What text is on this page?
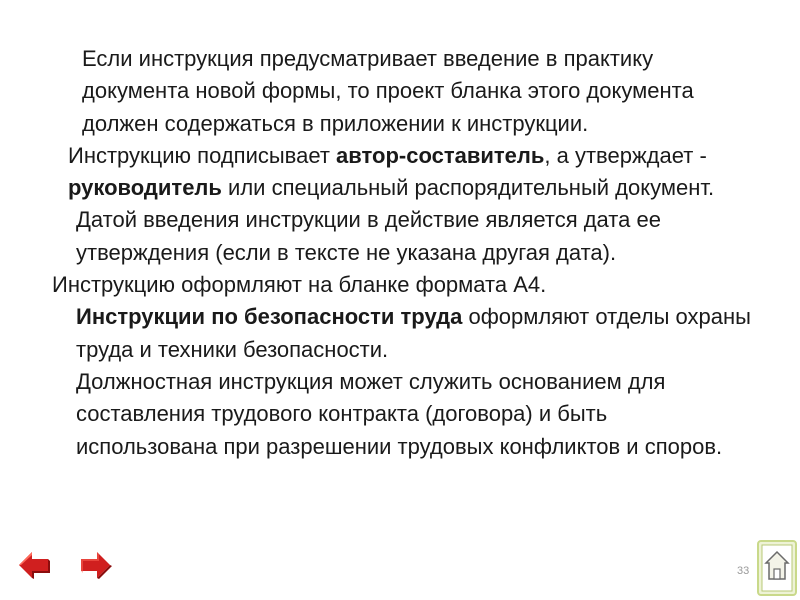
Если инструкция предусматривает введение в практику документа новой формы, то проект бланка этого документа должен содержаться в приложении к инструкции.

Инструкцию подписывает автор-составитель, а утверждает - руководитель или специальный распорядительный документ.

Датой введения инструкции в действие является дата ее утверждения (если в тексте не указана другая дата).

Инструкцию оформляют на бланке формата А4.

Инструкции по безопасности труда оформляют отделы охраны труда и техники безопасности.

Должностная инструкция может служить основанием для составления трудового контракта (договора) и быть использована при разрешении трудовых конфликтов и споров.

33
